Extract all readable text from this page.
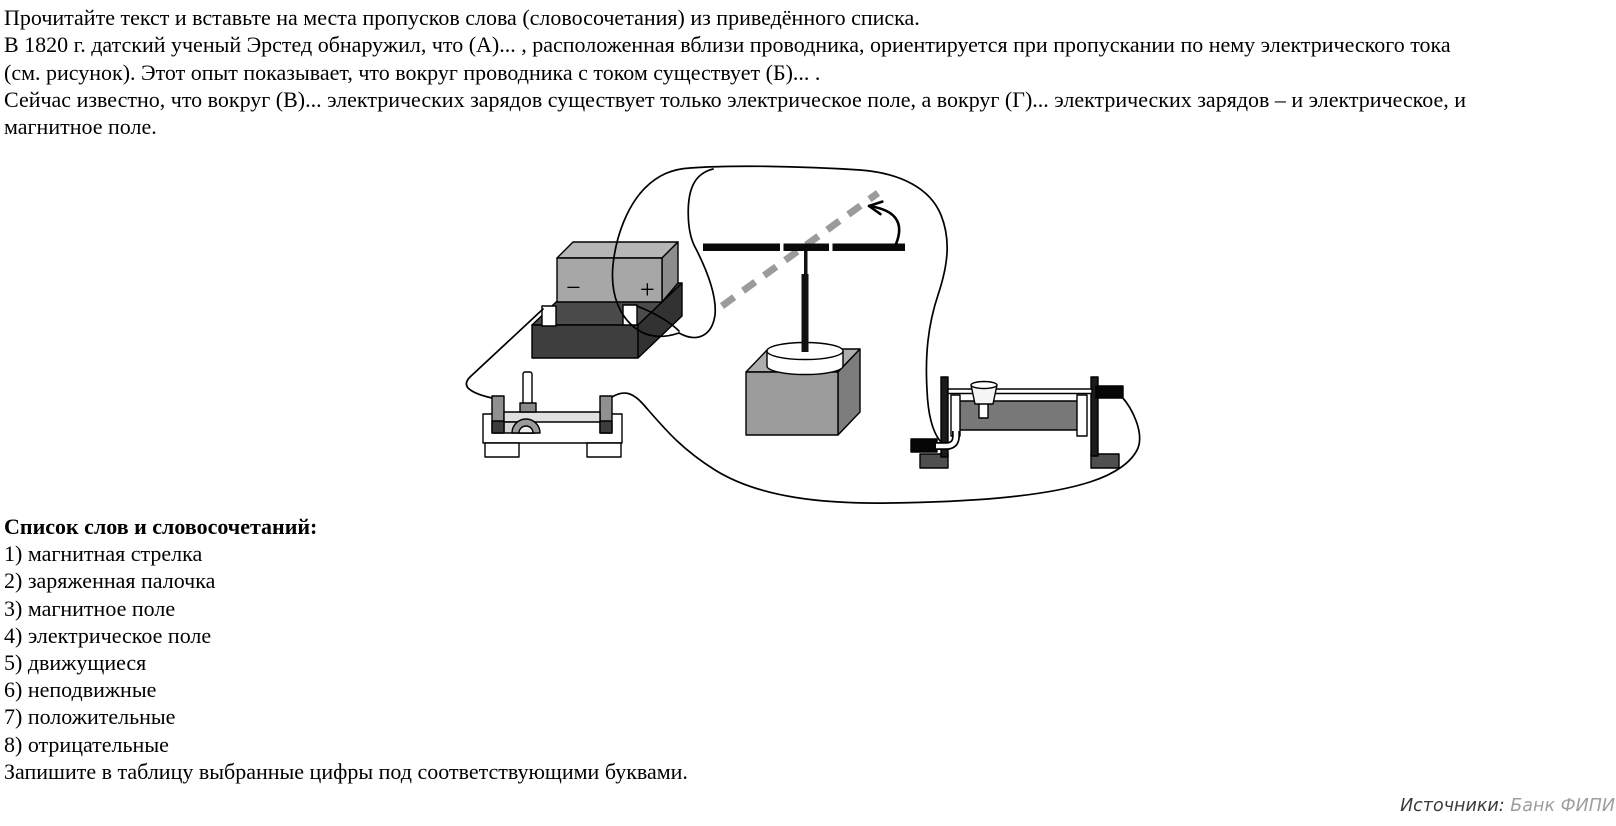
Прочитайте текст и вставьте на места пропусков слова (словосочетания) из приведённого списка.
В 1820 г. датский ученый Эрстед обнаружил, что (А)... , расположенная вблизи проводника, ориентируется при пропускании по нему электрического тока
(см. рисунок). Этот опыт показывает, что вокруг проводника с током существует (Б)... .
Сейчас известно, что вокруг (В)... электрических зарядов существует только электрическое поле, а вокруг (Г)... электрических зарядов – и электрическое, и
магнитное поле.
− +
Список слов и словосочетаний:
1) магнитная стрелка
2) заряженная палочка
3) магнитное поле
4) электрическое поле
5) движущиеся
6) неподвижные
7) положительные
8) отрицательные
Запишите в таблицу выбранные цифры под соответствующими буквами.
Источники: Банк ФИПИ
